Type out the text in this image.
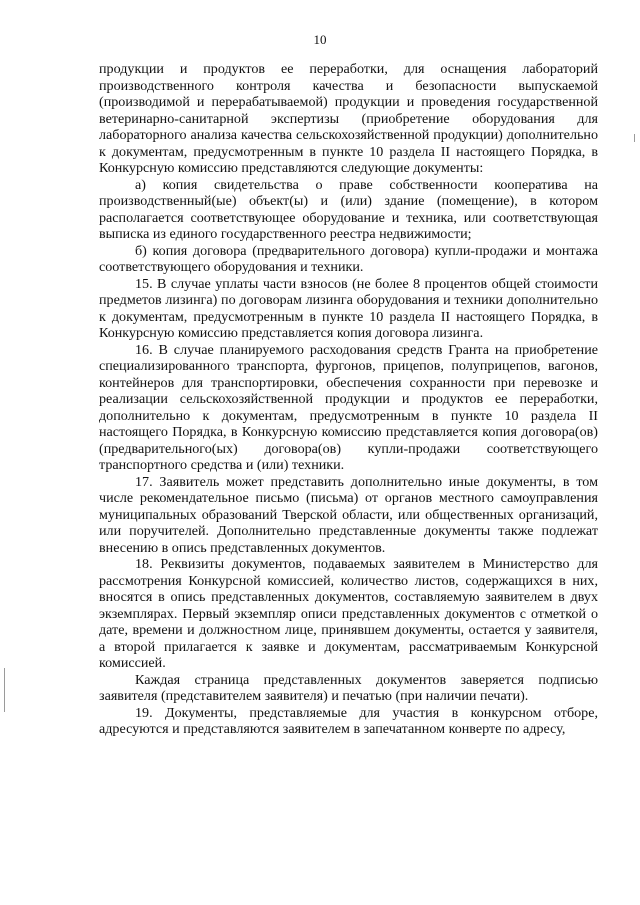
10

продукции и продуктов ее переработки, для оснащения лабораторий производственного контроля качества и безопасности выпускаемой (производимой и перерабатываемой) продукции и проведения государственной ветеринарно-санитарной экспертизы (приобретение оборудования для лабораторного анализа качества сельскохозяйственной продукции) дополнительно к документам, предусмотренным в пункте 10 раздела II настоящего Порядка, в Конкурсную комиссию представляются следующие документы:

а) копия свидетельства о праве собственности кооператива на производственный(ые) объект(ы) и (или) здание (помещение), в котором располагается соответствующее оборудование и техника, или соответствующая выписка из единого государственного реестра недвижимости;

б) копия договора (предварительного договора) купли-продажи и монтажа соответствующего оборудования и техники.

15. В случае уплаты части взносов (не более 8 процентов общей стоимости предметов лизинга) по договорам лизинга оборудования и техники дополнительно к документам, предусмотренным в пункте 10 раздела II настоящего Порядка, в Конкурсную комиссию представляется копия договора лизинга.

16. В случае планируемого расходования средств Гранта на приобретение специализированного транспорта, фургонов, прицепов, полуприцепов, вагонов, контейнеров для транспортировки, обеспечения сохранности при перевозке и реализации сельскохозяйственной продукции и продуктов ее переработки, дополнительно к документам, предусмотренным в пункте 10 раздела II настоящего Порядка, в Конкурсную комиссию представляется копия договора(ов) (предварительного(ых) договора(ов) купли-продажи соответствующего транспортного средства и (или) техники.

17. Заявитель может представить дополнительно иные документы, в том числе рекомендательное письмо (письма) от органов местного самоуправления муниципальных образований Тверской области, или общественных организаций, или поручителей. Дополнительно представленные документы также подлежат внесению в опись представленных документов.

18. Реквизиты документов, подаваемых заявителем в Министерство для рассмотрения Конкурсной комиссией, количество листов, содержащихся в них, вносятся в опись представленных документов, составляемую заявителем в двух экземплярах. Первый экземпляр описи представленных документов с отметкой о дате, времени и должностном лице, принявшем документы, остается у заявителя, а второй прилагается к заявке и документам, рассматриваемым Конкурсной комиссией.

Каждая страница представленных документов заверяется подписью заявителя (представителем заявителя) и печатью (при наличии печати).

19. Документы, представляемые для участия в конкурсном отборе, адресуются и представляются заявителем в запечатанном конверте по адресу,
